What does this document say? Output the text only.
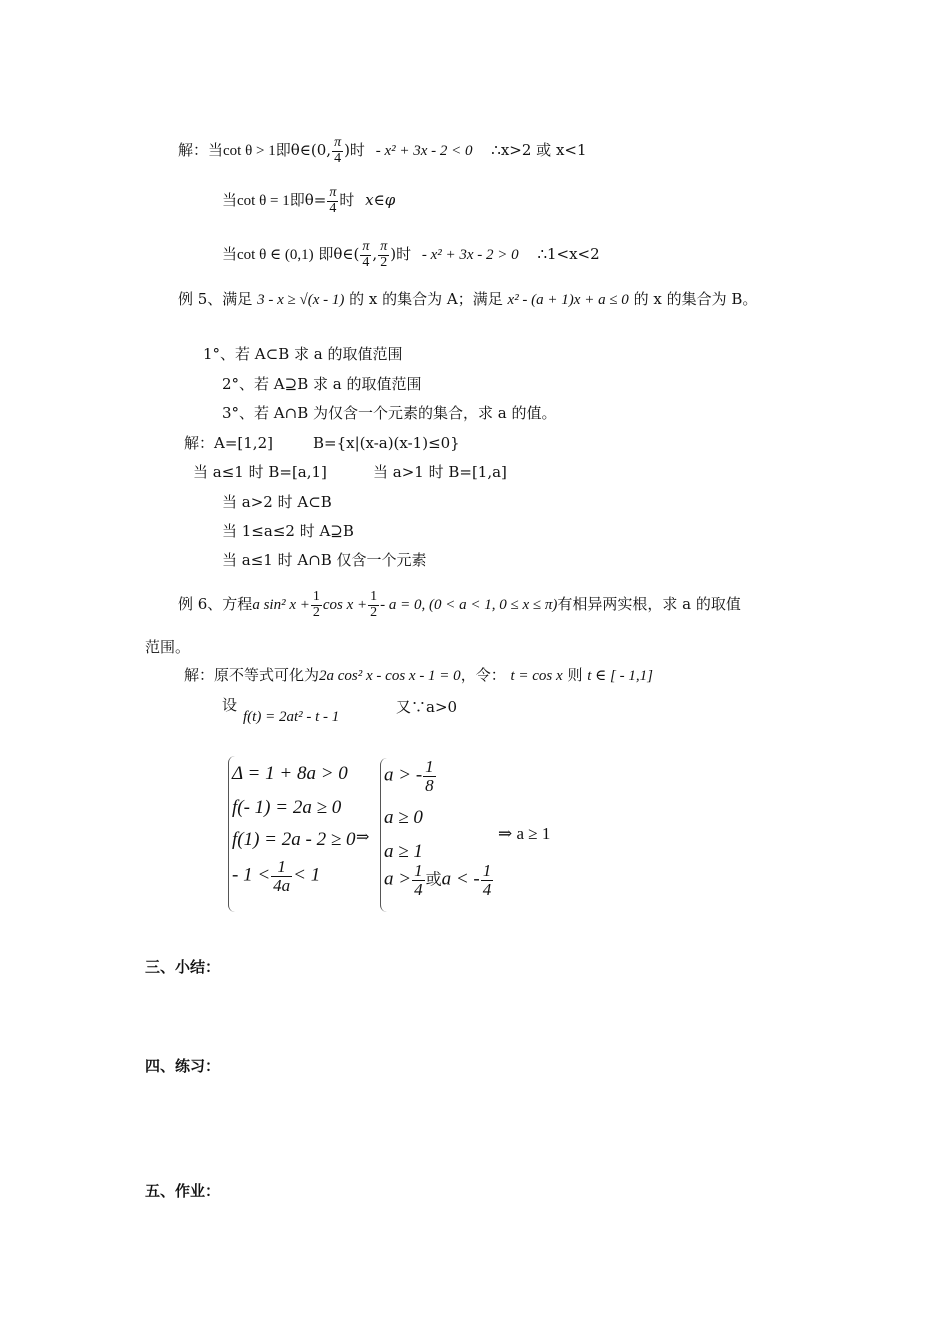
解：当cot θ > 1即θ∈(0, $\frac{\pi}{4}$ )时 - x² + 3x - 2 < 0 ∴x>2 或 x<1
当cot θ = 1即$\theta= \frac{\pi}{4}$ 时 x∈φ
当cot θ ∈ (0,1) 即θ∈( $\frac{\pi}{4}$ , $\frac{\pi}{2}$ )时 - x² + 3x - 2 > 0 ∴1<x<2
例 5、满足 3 - x ≥ √(x - 1) 的 x 的集合为 A；满足 x² - (a + 1)x + a ≤ 0 的 x 的集合为 B。
1°、若 A⊂B 求 a 的取值范围
2°、若 A⊇B 求 a 的取值范围
3°、若 A∩B 为仅含一个元素的集合，求 a 的值。
解：A=[1,2]	B={x|(x-a)(x-1)≤0}
当 a≤1 时 B=[a,1]	当 a>1 时 B=[1,a]
当 a>2 时 A⊂B
当 1≤a≤2 时 A⊇B
当 a≤1 时 A∩B 仅含一个元素
例 6、方程a sin² $x + \frac{1}{2}$ $\cos x + \frac{1}{2} - a = 0$, (0 < a < 1, 0 ≤ x ≤ π)有相异两实根，求 a 的取值
范围。
解：原不等式可化为2a cos² x - cos x - 1 = 0，令： t = cos x 则 t ∈ [ - 1,1]
设
f(t) = 2at² - t - 1
又∵a>0
Δ = 1 + 8a > 0
f(- 1) = 2a ≥ 0
f(1) = 2a - 2 ≥ 0
- $1 < \frac{1}{4a} < 1$
⇒
a > - $\frac{1}{8}$
a ≥ 0
a ≥ 1
$a > \frac{1}{4}$ 或a < - $\frac{1}{4}$
⇒ a ≥ 1
三、小结：
四、练习：
五、作业：
